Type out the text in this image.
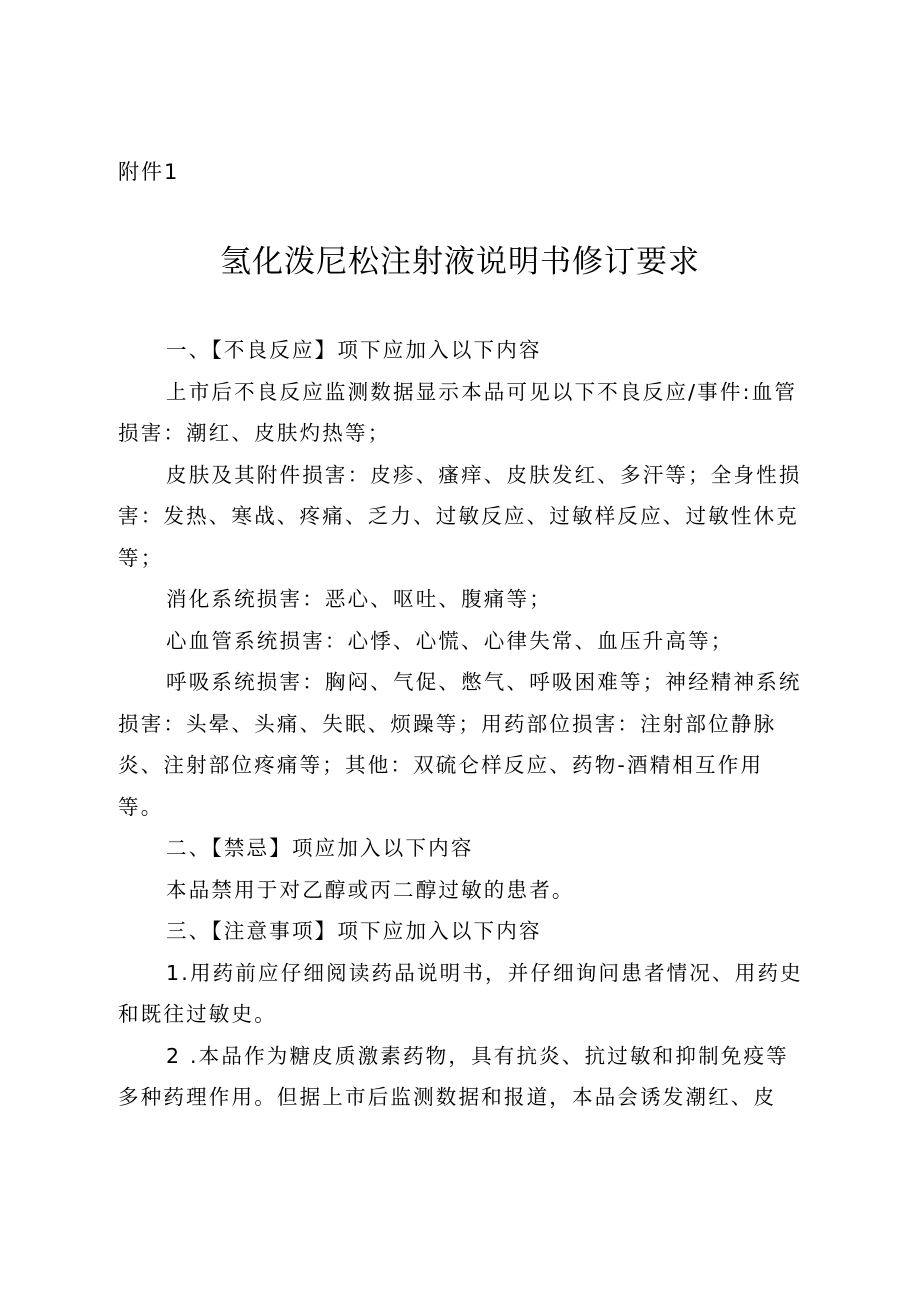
附件1
氢化泼尼松注射液说明书修订要求

一、【不良反应】项下应加入以下内容

上市后不良反应监测数据显示本品可见以下不良反应/事件:血管损害：潮红、皮肤灼热等；

皮肤及其附件损害：皮疹、瘙痒、皮肤发红、多汗等；全身性损害：发热、寒战、疼痛、乏力、过敏反应、过敏样反应、过敏性休克等；

消化系统损害：恶心、呕吐、腹痛等；

心血管系统损害：心悸、心慌、心律失常、血压升高等；

呼吸系统损害：胸闷、气促、憋气、呼吸困难等；神经精神系统损害：头晕、头痛、失眠、烦躁等；用药部位损害：注射部位静脉炎、注射部位疼痛等；其他：双硫仑样反应、药物-酒精相互作用等。

二、【禁忌】项应加入以下内容

本品禁用于对乙醇或丙二醇过敏的患者。

三、【注意事项】项下应加入以下内容

1.用药前应仔细阅读药品说明书，并仔细询问患者情况、用药史和既往过敏史。

2 .本品作为糖皮质激素药物，具有抗炎、抗过敏和抑制免疫等多种药理作用。但据上市后监测数据和报道，本品会诱发潮红、皮
